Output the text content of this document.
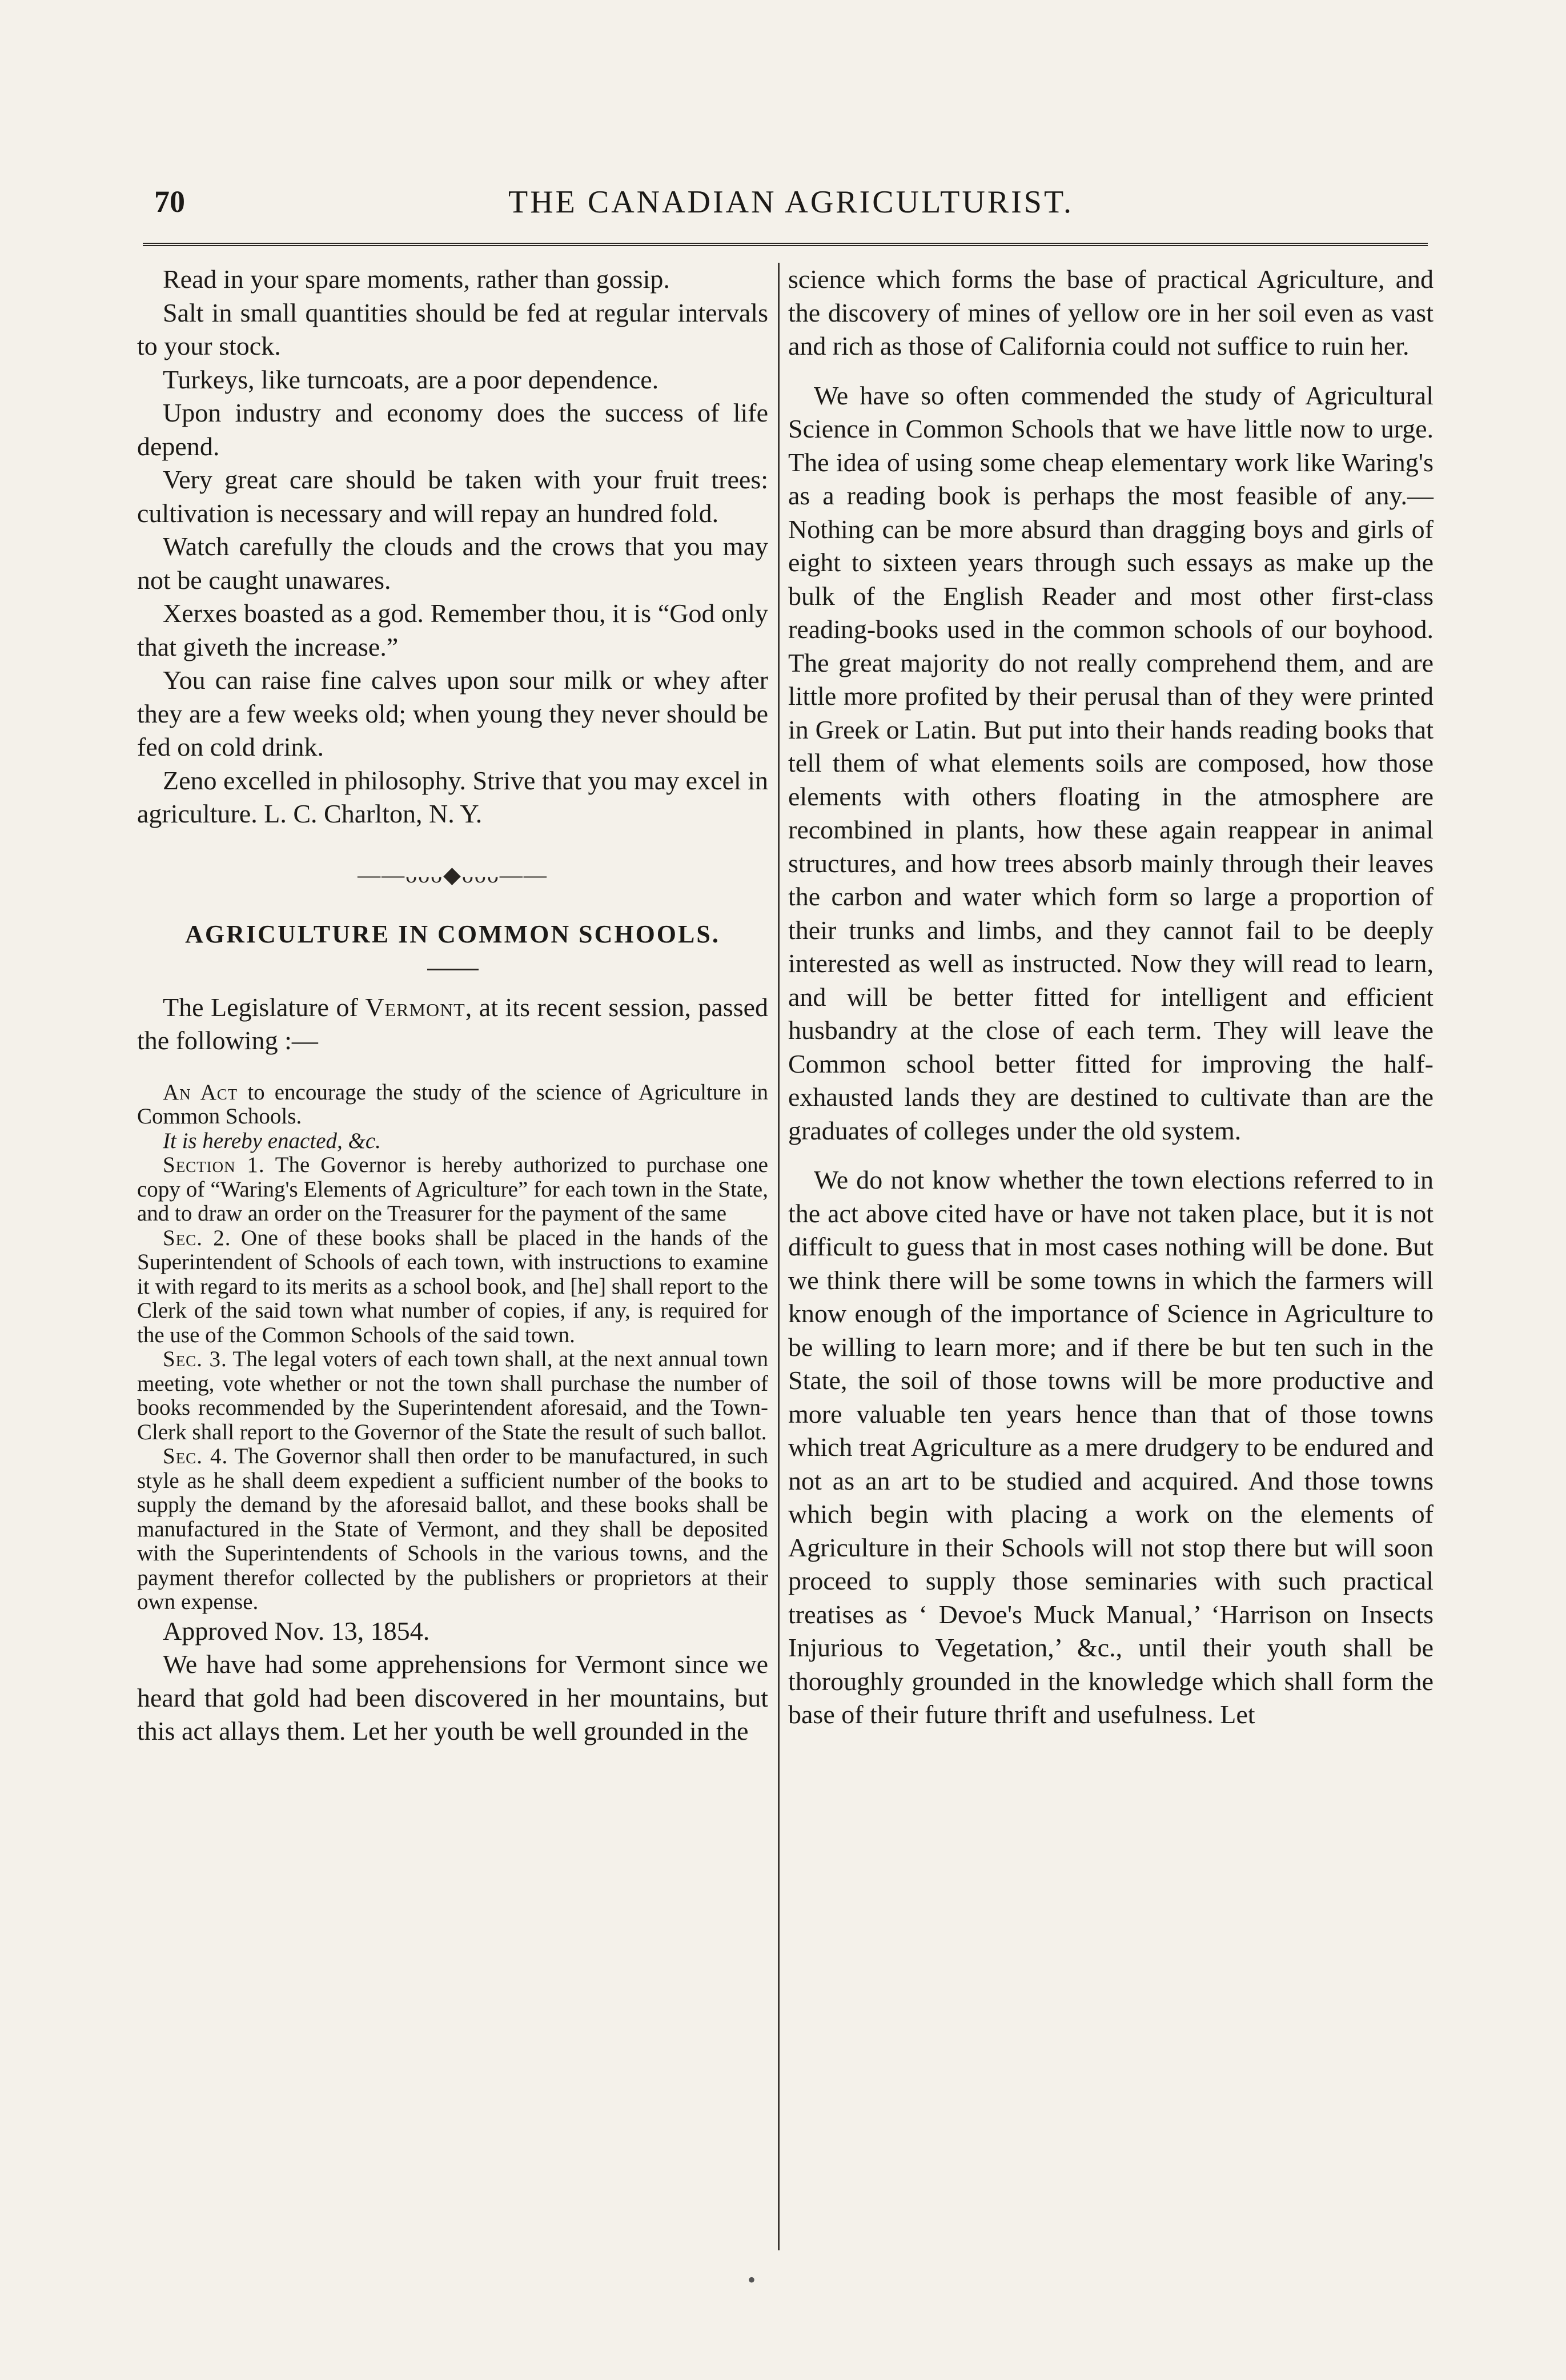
70	THE CANADIAN AGRICULTURIST.

Read in your spare moments, rather than gossip.

Salt in small quantities should be fed at regular intervals to your stock.

Turkeys, like turncoats, are a poor dependence.

Upon industry and economy does the success of life depend.

Very great care should be taken with your fruit trees: cultivation is necessary and will repay an hundred fold.

Watch carefully the clouds and the crows that you may not be caught unawares.

Xerxes boasted as a god. Remember thou, it is “God only that giveth the increase.”

You can raise fine calves upon sour milk or whey after they are a few weeks old; when young they never should be fed on cold drink.

Zeno excelled in philosophy. Strive that you may excel in agriculture. L. C. Charlton, N. Y.

——ᴗᴗᴗ◆ᴗᴗᴗ——
AGRICULTURE IN COMMON SCHOOLS.

The Legislature of Vermont, at its recent session, passed the following :—

An Act to encourage the study of the science of Agriculture in Common Schools.

It is hereby enacted, &c.

Section 1. The Governor is hereby authorized to purchase one copy of “Waring's Elements of Agriculture” for each town in the State, and to draw an order on the Treasurer for the payment of the same

Sec. 2. One of these books shall be placed in the hands of the Superintendent of Schools of each town, with instructions to examine it with regard to its merits as a school book, and [he] shall report to the Clerk of the said town what number of copies, if any, is required for the use of the Common Schools of the said town.

Sec. 3. The legal voters of each town shall, at the next annual town meeting, vote whether or not the town shall purchase the number of books recommended by the Superintendent aforesaid, and the Town-Clerk shall report to the Governor of the State the result of such ballot.

Sec. 4. The Governor shall then order to be manufactured, in such style as he shall deem expedient a sufficient number of the books to supply the demand by the aforesaid ballot, and these books shall be manufactured in the State of Vermont, and they shall be deposited with the Superintendents of Schools in the various towns, and the payment therefor collected by the publishers or proprietors at their own expense.

Approved Nov. 13, 1854.

We have had some apprehensions for Vermont since we heard that gold had been discovered in her mountains, but this act allays them. Let her youth be well grounded in the

science which forms the base of practical Agriculture, and the discovery of mines of yellow ore in her soil even as vast and rich as those of California could not suffice to ruin her.

We have so often commended the study of Agricultural Science in Common Schools that we have little now to urge. The idea of using some cheap elementary work like Waring's as a reading book is perhaps the most feasible of any.— Nothing can be more absurd than dragging boys and girls of eight to sixteen years through such essays as make up the bulk of the English Reader and most other first-class reading-books used in the common schools of our boyhood. The great majority do not really comprehend them, and are little more profited by their perusal than of they were printed in Greek or Latin. But put into their hands reading books that tell them of what elements soils are composed, how those elements with others floating in the atmosphere are recombined in plants, how these again reappear in animal structures, and how trees absorb mainly through their leaves the carbon and water which form so large a proportion of their trunks and limbs, and they cannot fail to be deeply interested as well as instructed. Now they will read to learn, and will be better fitted for intelligent and efficient husbandry at the close of each term. They will leave the Common school better fitted for improving the half-exhausted lands they are destined to cultivate than are the graduates of colleges under the old system.

We do not know whether the town elections referred to in the act above cited have or have not taken place, but it is not difficult to guess that in most cases nothing will be done. But we think there will be some towns in which the farmers will know enough of the importance of Science in Agriculture to be willing to learn more; and if there be but ten such in the State, the soil of those towns will be more productive and more valuable ten years hence than that of those towns which treat Agriculture as a mere drudgery to be endured and not as an art to be studied and acquired. And those towns which begin with placing a work on the elements of Agriculture in their Schools will not stop there but will soon proceed to supply those seminaries with such practical treatises as ‘ Devoe's Muck Manual,’ ‘Harrison on Insects Injurious to Vegetation,’ &c., until their youth shall be thoroughly grounded in the knowledge which shall form the base of their future thrift and usefulness. Let

•
